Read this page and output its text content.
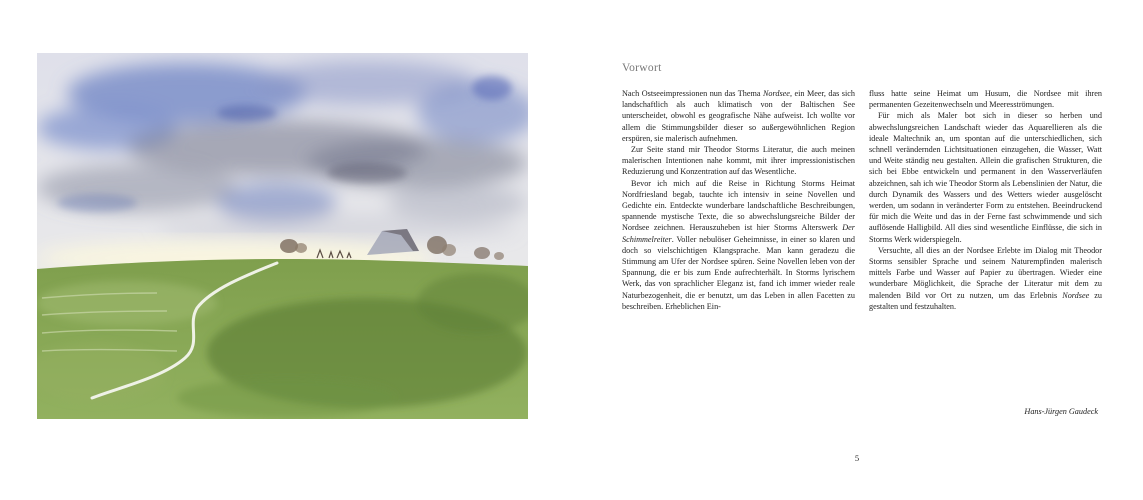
Vorwort

Nach Ostseeimpressionen nun das Thema Nordsee, ein Meer, das sich landschaftlich als auch klimatisch von der Baltischen See unterscheidet, obwohl es geografische Nähe aufweist. Ich wollte vor allem die Stimmungsbilder dieser so außergewöhnlichen Region erspüren, sie malerisch aufnehmen.

Zur Seite stand mir Theodor Storms Literatur, die auch meinen malerischen Intentionen nahe kommt, mit ihrer impressionistischen Reduzierung und Konzentration auf das Wesentliche.

Bevor ich mich auf die Reise in Richtung Storms Heimat Nordfriesland begab, tauchte ich intensiv in seine Novellen und Gedichte ein. Entdeckte wunderbare landschaftliche Beschreibungen, spannende mystische Texte, die so abwechslungsreiche Bilder der Nordsee zeichnen. Herauszuheben ist hier Storms Alterswerk Der Schimmelreiter. Voller nebulöser Geheimnisse, in einer so klaren und doch so vielschichtigen Klangsprache. Man kann geradezu die Stimmung am Ufer der Nordsee spüren. Seine Novellen leben von der Spannung, die er bis zum Ende aufrechterhält. In Storms lyrischem Werk, das von sprachlicher Eleganz ist, fand ich immer wieder reale Naturbezogenheit, die er benutzt, um das Leben in allen Facetten zu beschreiben. Erheblichen Ein-

fluss hatte seine Heimat um Husum, die Nordsee mit ihren permanenten Gezeitenwechseln und Meeresströmungen.

Für mich als Maler bot sich in dieser so herben und abwechslungsreichen Landschaft wieder das Aquarellieren als die ideale Maltechnik an, um spontan auf die unterschiedlichen, sich schnell verändernden Lichtsituationen einzugehen, die Wasser, Watt und Weite ständig neu gestalten. Allein die grafischen Strukturen, die sich bei Ebbe entwickeln und permanent in den Wasserverläufen abzeichnen, sah ich wie Theodor Storm als Lebenslinien der Natur, die durch Dynamik des Wassers und des Wetters wieder ausgelöscht werden, um sodann in veränderter Form zu entstehen. Beeindruckend für mich die Weite und das in der Ferne fast schwimmende und sich auflösende Halligbild. All dies sind wesentliche Einflüsse, die sich in Storms Werk widerspiegeln.

Versuchte, all dies an der Nordsee Erlebte im Dialog mit Theodor Storms sensibler Sprache und seinem Naturempfinden malerisch mittels Farbe und Wasser auf Papier zu übertragen. Wieder eine wunderbare Möglichkeit, die Sprache der Literatur mit dem zu malenden Bild vor Ort zu nutzen, um das Erlebnis Nordsee zu gestalten und festzuhalten.

Hans-Jürgen Gaudeck
5
